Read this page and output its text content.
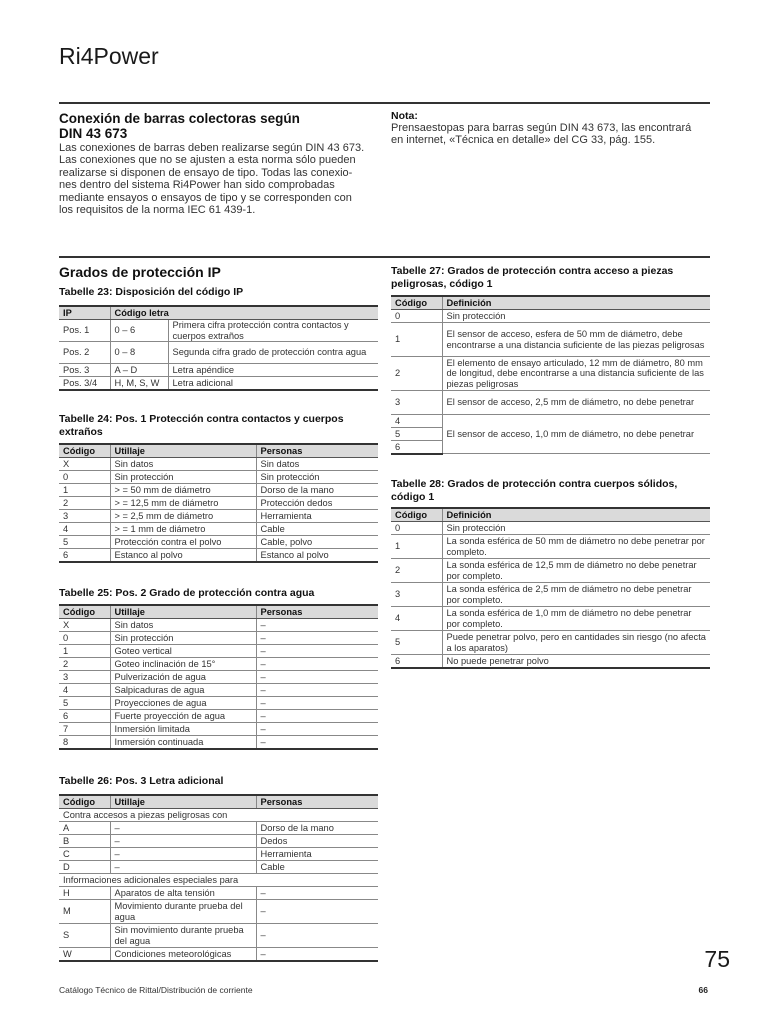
Ri4Power
Conexión de barras colectoras según
DIN 43 673
Las conexiones de barras deben realizarse según DIN 43 673.
Las conexiones que no se ajusten a esta norma sólo pueden
realizarse si disponen de ensayo de tipo. Todas las conexio-
nes dentro del sistema Ri4Power han sido comprobadas
mediante ensayos o ensayos de tipo y se corresponden con
los requisitos de la norma IEC 61 439-1.
Nota:
Prensaestopas para barras según DIN 43 673, las encontrará
en internet, «Técnica en detalle» del CG 33, pág. 155.
Grados de protección IP
Tabelle 23: Disposición del código IP
IP	Código letra	
Pos. 1	0 – 6	Primera cifra protección contra contactos y cuerpos extraños
Pos. 2	0 – 8	Segunda cifra grado de protección contra agua
Pos. 3	A – D	Letra apéndice
Pos. 3/4	H, M, S, W	Letra adicional
Tabelle 24: Pos. 1 Protección contra contactos y cuerpos
extraños
Código	Utillaje	Personas
X	Sin datos	Sin datos
0	Sin protección	Sin protección
1	> = 50 mm de diámetro	Dorso de la mano
2	> = 12,5 mm de diámetro	Protección dedos
3	> = 2,5 mm de diámetro	Herramienta
4	> = 1 mm de diámetro	Cable
5	Protección contra el polvo	Cable, polvo
6	Estanco al polvo	Estanco al polvo
Tabelle 25: Pos. 2 Grado de protección contra agua
Código	Utillaje	Personas
X	Sin datos	–
0	Sin protección	–
1	Goteo vertical	–
2	Goteo inclinación de 15°	–
3	Pulverización de agua	–
4	Salpicaduras de agua	–
5	Proyecciones de agua	–
6	Fuerte proyección de agua	–
7	Inmersión limitada	–
8	Inmersión continuada	–
Tabelle 26: Pos. 3 Letra adicional
Código	Utillaje	Personas
Contra accesos a piezas peligrosas con		
A	–	Dorso de la mano
B	–	Dedos
C	–	Herramienta
D	–	Cable
Informaciones adicionales especiales para		
H	Aparatos de alta tensión	–
M	Movimiento durante prueba del agua	–
S	Sin movimiento durante prueba del agua	–
W	Condiciones meteorológicas	–
Tabelle 27: Grados de protección contra acceso a piezas
peligrosas, código 1
Código	Definición
0	Sin protección
1	El sensor de acceso, esfera de 50 mm de diámetro, debe encontrarse a una distancia suficiente de las piezas peligrosas
2	El elemento de ensayo articulado, 12 mm de diámetro, 80 mm de longitud, debe encontrarse a una distancia suficiente de las piezas peligrosas
3	El sensor de acceso, 2,5 mm de diámetro, no debe penetrar
4	El sensor de acceso, 1,0 mm de diámetro, no debe penetrar
5	
6	
Tabelle 28: Grados de protección contra cuerpos sólidos,
código 1
Código	Definición
0	Sin protección
1	La sonda esférica de 50 mm de diámetro no debe penetrar por completo.
2	La sonda esférica de 12,5 mm de diámetro no debe penetrar por completo.
3	La sonda esférica de 2,5 mm de diámetro no debe penetrar por completo.
4	La sonda esférica de 1,0 mm de diámetro no debe penetrar por completo.
5	Puede penetrar polvo, pero en cantidades sin riesgo (no afecta a los aparatos)
6	No puede penetrar polvo
75
Catálogo Técnico de Rittal/Distribución de corriente	66
